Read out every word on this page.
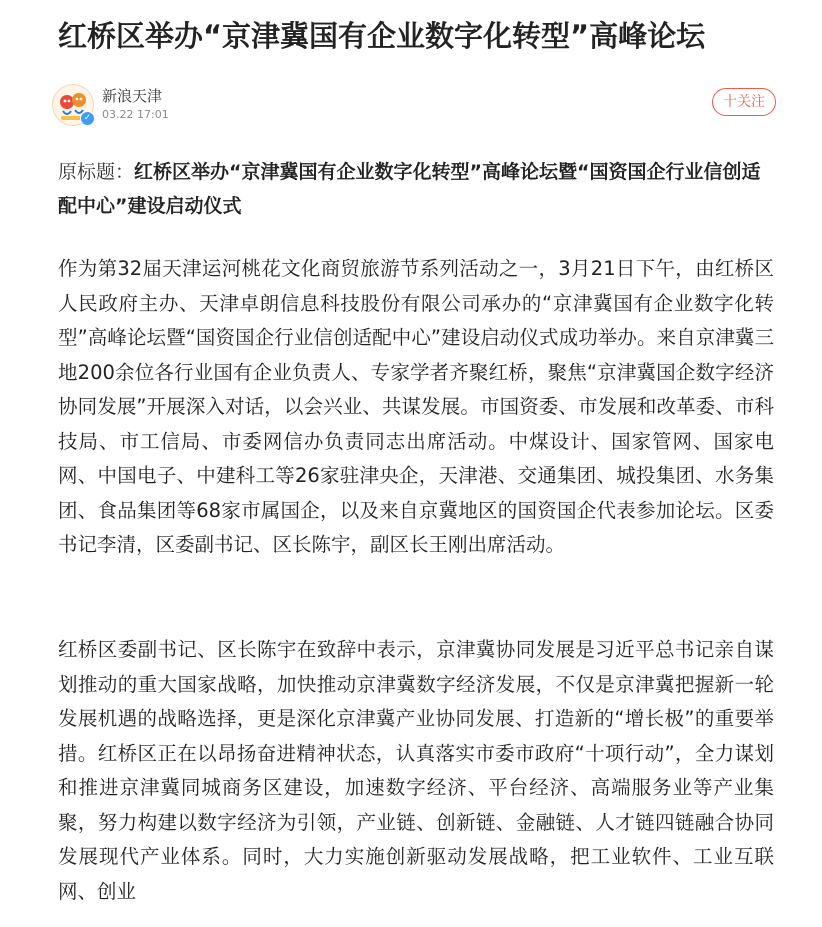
红桥区举办“京津冀国有企业数字化转型”高峰论坛
✓
新浪天津
03.22 17:01
十关注
原标题：红桥区举办“京津冀国有企业数字化转型”高峰论坛暨“国资国企行业信创适配中心”建设启动仪式

作为第32届天津运河桃花文化商贸旅游节系列活动之一，3月21日下午，由红桥区人民政府主办、天津卓朗信息科技股份有限公司承办的“京津冀国有企业数字化转型”高峰论坛暨“国资国企行业信创适配中心”建设启动仪式成功举办。来自京津冀三地200余位各行业国有企业负责人、专家学者齐聚红桥，聚焦“京津冀国企数字经济协同发展”开展深入对话，以会兴业、共谋发展。市国资委、市发展和改革委、市科技局、市工信局、市委网信办负责同志出席活动。中煤设计、国家管网、国家电网、中国电子、中建科工等26家驻津央企，天津港、交通集团、城投集团、水务集团、食品集团等68家市属国企，以及来自京冀地区的国资国企代表参加论坛。区委书记李清，区委副书记、区长陈宇，副区长王刚出席活动。

红桥区委副书记、区长陈宇在致辞中表示，京津冀协同发展是习近平总书记亲自谋划推动的重大国家战略，加快推动京津冀数字经济发展，不仅是京津冀把握新一轮发展机遇的战略选择，更是深化京津冀产业协同发展、打造新的“增长极”的重要举措。红桥区正在以昂扬奋进精神状态，认真落实市委市政府“十项行动”，全力谋划和推进京津冀同城商务区建设，加速数字经济、平台经济、高端服务业等产业集聚，努力构建以数字经济为引领，产业链、创新链、金融链、人才链四链融合协同发展现代产业体系。同时，大力实施创新驱动发展战略，把工业软件、工业互联网、创业
